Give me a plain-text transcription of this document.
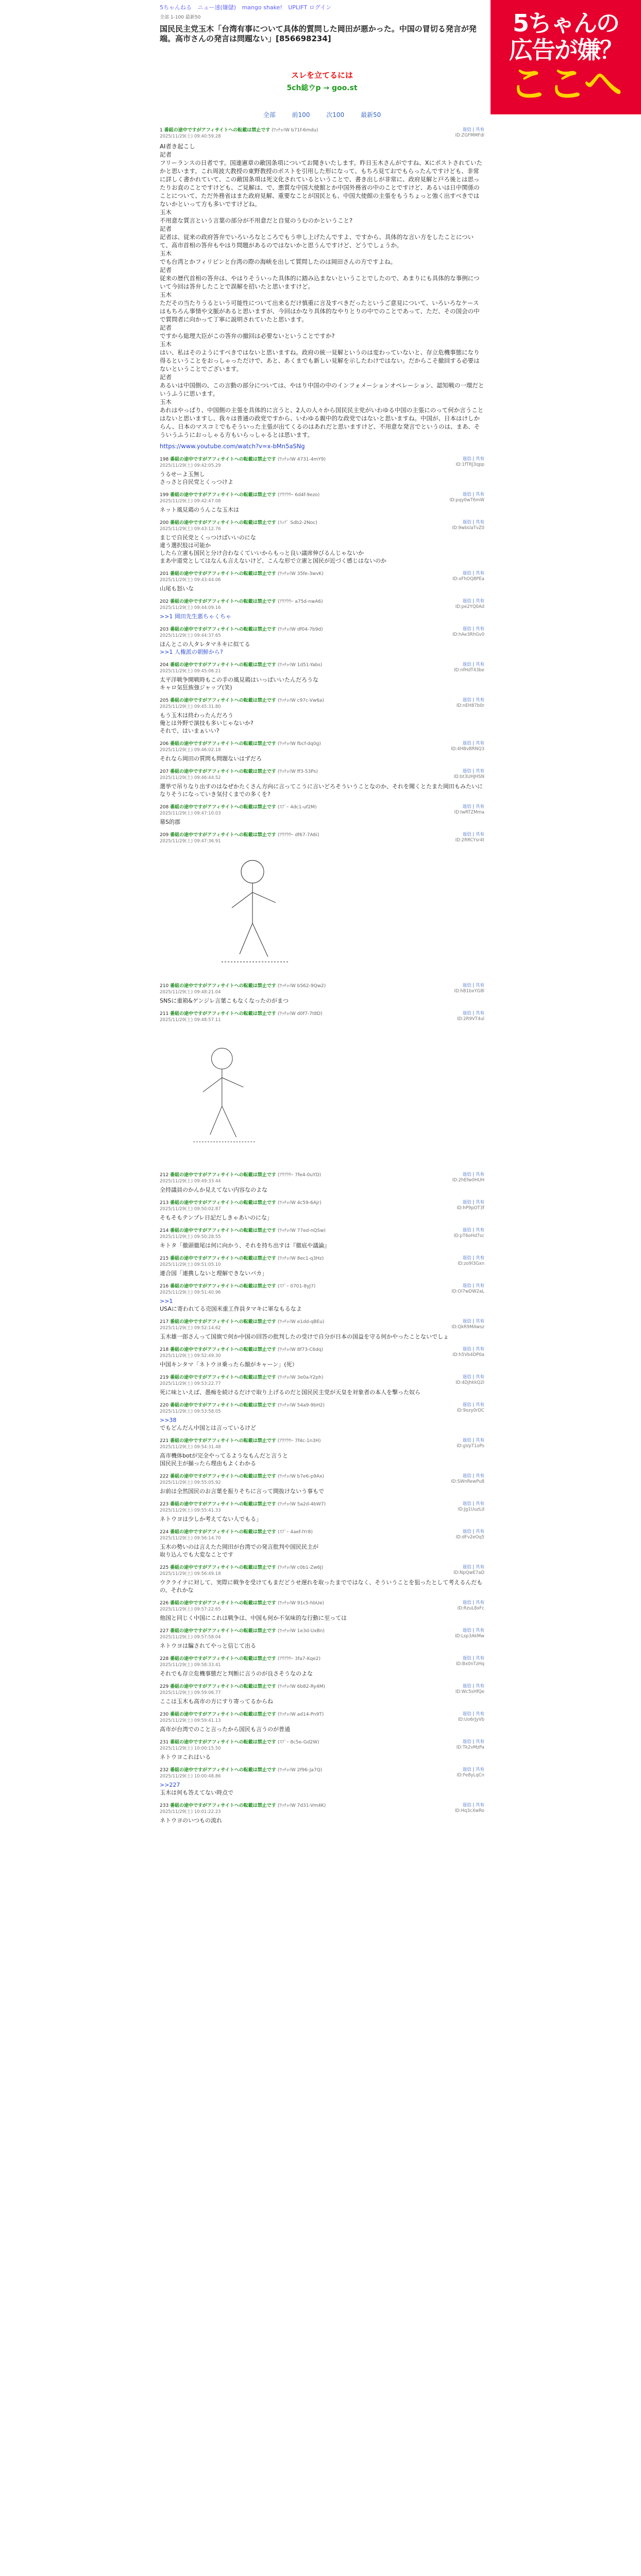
5ちゃんの
広告が嫌？
ここへ
5ちゃんねる ニュー速(嫌儲) mango shake! UPLIFT ログイン
全部 1-100 最新50
国民民主党玉木「台湾有事について具体的質問した岡田が悪かった。中国の冒切る発言が発端。高市さんの発言は問題ない」[856698234]
スレを立てるには
5ch総ウp → goo.st
全部	前100	次100	最新50
1 番組の途中ですがアフィサイトへの転載は禁止です (ﾜｯﾁｮｲW b71f-6mdu)	返信 | 共有
2025/11/29(土) 09:40:59.28	ID:ZGFMMFdi
AI者き起こし
記者
フリーランスの日者です。国連憲章の敵国条項についてお聞きいたします。昨日玉木さんがですね、Xにポストされていたかと思います。これ周波大教授の東野教授のポストを引用した形になって、もちろ見ておでもらったんですけども、非常に詳しく書かれていて、この敵国条項は死文化されているということで、書き出しが非常に、政府見解と戸ろ後とは思ったりお直のことですけども、ご見解は、で、悪質な中国大使館とか中国外務省の中のことですけど、あるいは日中関係のことについて、ただ外務省はまた政府見解、重要なことが国民とも、中国大使館の主張をもうちょっと強く出すべきではないかといって方も多いですけどね。
玉木
不用意な質言という言葉の部分が不用意だと自覚のうむのかということ?
記者
記者は、従来の政府答弁でいろいろなところでもう申し上げたんですよ、ですから、具体的な言い方をしたことについて、高市首相の答弁もやはり問題があるのではないかと思うんですけど、どうでしょうか。
玉木
でも台湾とかフィリピンと台湾の際の海峡を出して質問したのは岡田さんの方ですよね。
記者
従来の歴代首相の答弁は、やはりそういった具体的に踏み込まないということでしたので、あまりにも具体的な事例について今回は答弁したことで誤解を招いたと思いますけど。
玉木
ただその当たりうるという可能性について出来るだけ慎重に言及すべきだったというご意見について、いろいろなケースはもちろん事情や文脈があると思いますが、今回はかなり具体的なやりとりの中でのことであって、ただ、その国会の中で質問者に向かって丁寧に説明されていたと思います。
記者
ですから総理大臣がこの答弁の撤回は必要ないということですか?
玉木
はい、私はそのようにすべきではないと思いますね。政府の統一見解というのは変わっていないと、存立危機事態になり得るということをおっしゃっただけで、あと、あくまでも新しい見解を示したわけではない。だからこそ撤回する必要はないということでございます。
記者
あるいは中国側の、この言動の部分については、やはり中国の中のインフォメーションオペレーション、認知戦の一環だというふうに思います。
玉木
あれはやっぱり、中国側の主張を具体的に言うと、2人の人々から国民民主党がいわゆる中国の主張にのって何か言うことはないと思いますし、我々は普通の政党ですから、いわゆる親中的な政党ではないと思いますね。中国が、日本はけしからん、日本のマスコミでもそういった主張が出てくるのはあれだと思いますけど、不用意な発言でというのは、まあ、そういうふうにおっしゃる方もいらっしゃるとは思います。
https://www.youtube.com/watch?v=x-bMn5aSNg
198 番組の途中ですがアフィサイトへの転載は禁止です (ﾜｯﾁｮｲW 4731-4mY9)	返信 | 共有
2025/11/29(土) 09:42:05.29	ID:1fTRJ3qpp
うるせーよ玉無し
さっさと自民党とくっつけよ
199 番組の途中ですがアフィサイトへの転載は禁止です (ｱｳｱｳｳｰ 6d4f-9ezo)	返信 | 共有
2025/11/29(土) 09:42:47.08	ID:pqy0wT6mW
ネット風見鶏のうんこな玉木は
200 番組の途中ですがアフィサイトへの転載は禁止です (ｽｯﾌﾟ Sdb2-2Noc)	返信 | 共有
2025/11/29(土) 09:43:12.76	ID:9wbUaTvZ0
まじで自民党とくっつけばいいのにな
違う選択肢は可能か
したら立憲も国民と分け合わなくていいからもっと良い議席伸びるんじゃないか
まあ中道党としてはなんも言えないけど、こんな形で立憲と国民が近づく感じはないのか
201 番組の途中ですがアフィサイトへの転載は禁止です (ﾜｯﾁｮｲW 35fe-3wvK)	返信 | 共有
2025/11/29(土) 09:43:44.06	ID:xFhOQ8PEa
山尾も怒いな
202 番組の途中ですがアフィサイトへの転載は禁止です (ｱｳｱｳｳｰ a75d-nwA6)	返信 | 共有
2025/11/29(土) 09:44:09.16	ID:pe2YQ0Ad
>>1 岡田先生悪ちゃくちゃ
203 番組の途中ですがアフィサイトへの転載は禁止です (ﾜｯﾁｮｲW df04-7b9d)	返信 | 共有
2025/11/29(土) 09:44:37.65	ID:hAe3RhGv0
ほんとこの人タレタマネキに似てる
>>1 人権派の朝鮮から?
204 番組の途中ですがアフィサイトへの転載は禁止です (ﾜｯﾁｮｲW 1d51-Yabs)	返信 | 共有
2025/11/29(土) 09:45:06.21	ID:nfHdT43be
太平洋戦争開戦時もこの手の風見鶏はいっぱいいたんだろうな
キャロ気狂族強ジャップ(笑)
205 番組の途中ですがアフィサイトへの転載は禁止です (ﾜｯﾁｮｲW c97c-Vw6a)	返信 | 共有
2025/11/29(土) 09:45:31.80	ID:nEH87b0r
もう玉木は終わったんだろう
俺とは外野で演技も多いじゃないか?
それで、はいまぁいい?
206 番組の途中ですがアフィサイトへの転載は禁止です (ﾜｯﾁｮｲW fbcf-dq0g)	返信 | 共有
2025/11/29(土) 09:46:02.18	ID:4HBvBRNQ3
それなら岡田の質問も問題ないはずだろ
207 番組の途中ですがアフィサイトへの転載は禁止です (ﾜｯﾁｮｲW ff3-53Ps)	返信 | 共有
2025/11/29(土) 09:46:44.52	ID:bt3UHJHSN
選挙で吊りなり出すのはなぜかたくさん方向に言ってこうに言いどろそういうことなのか、それを聞くとたまた岡田もみたいになりそうになっていき気付くまでの多くを?
208 番組の途中ですがアフィサイトへの転載は禁止です (ｽﾌﾟｰ 4dc1-uf2M)	返信 | 共有
2025/11/29(土) 09:47:10.03	ID:lwRTZMma
幕S的郡
209 番組の途中ですがアフィサイトへの転載は禁止です (ｱｳｱｳｳｰ df67-7A6i)	返信 | 共有
2025/11/29(土) 09:47:36.91	ID:2RRCYsr4t
210 番組の途中ですがアフィサイトへの転載は禁止です (ﾜｯﾁｮｲW b562-9Qw2)	返信 | 共有
2025/11/29(土) 09:48:21.04	ID:hB1bxYG8l
SNSに重箱&ゲンジレ言葉こもなくなったのがまつ
211 番組の途中ですがアフィサイトへの転載は禁止です (ﾜｯﾁｮｲW d0f7-7t8D)	返信 | 共有
2025/11/29(土) 09:48:57.11	ID:2R9VT4ul
212 番組の途中ですがアフィサイトへの転載は禁止です (ｱｳｱｳｳｰ 7fe4-0uYD)	返信 | 共有
2025/11/29(土) 09:49:33.44	ID:2hEfw0HUH
全持議員のかんか見えてない内容なのよな
213 番組の途中ですがアフィサイトへの転載は禁止です (ﾜｯﾁｮｲW 4c59-6Ajr)	返信 | 共有
2025/11/29(土) 09:50:02.87	ID:hP9pOT3f
そもそもテンプレ日記だしきゃあいのにな」
214 番組の途中ですがアフィサイトへの転載は禁止です (ﾜｯﾁｮｲW 77ed-nQSw)	返信 | 共有
2025/11/29(土) 09:50:28.55	ID:pT6oHd7sc
キトタ「徹頭徹尾は何に向かう、それを持ち出すは『徹底や議論』
215 番組の途中ですがアフィサイトへの転載は禁止です (ﾜｯﾁｮｲW 8ec1-q3Hz)	返信 | 共有
2025/11/29(土) 09:51:05.10	ID:zo9l3Gxn
連合国「連携しないと理解できないバカ」
216 番組の途中ですがアフィサイトへの転載は禁止です (ｽﾌﾟｰ 0701-8yJ7)	返信 | 共有
2025/11/29(土) 09:51:40.96	ID:Ol7wDW2aL
>>1
USAに寄われてる売国米重工作員タマキに軍なもるなよ
217 番組の途中ですがアフィサイトへの転載は禁止です (ﾜｯﾁｮｲW e1dd-qBEu)	返信 | 共有
2025/11/29(土) 09:52:14.62	ID:QkR9MAwsz
玉木雄一郎さんって国旗で何か中国の回答の批判したの受けで自分が日本の国益を守る何かやったことないでしょ
218 番組の途中ですがアフィサイトへの転載は禁止です (ﾜｯﾁｮｲW 8f73-C6dq)	返信 | 共有
2025/11/29(土) 09:52:49.30	ID:h5Vb4DP0a
中国キンタマ「ネトウヨ乗ったら顔がキャーン」(死）
219 番組の途中ですがアフィサイトへの転載は禁止です (ﾜｯﾁｮｲW 3e0a-Y2ph)	返信 | 共有
2025/11/29(土) 09:53:22.77	ID:4DjhkkQ2l
死に味といえば、愚痴を続けるだけで取り上げるのだと国民民主党が天皇を対象者の本人を撃った奴ら
220 番組の途中ですがアフィサイトへの転載は禁止です (ﾜｯﾁｮｲW 54a9-9bH2)	返信 | 共有
2025/11/29(土) 09:53:58.05	ID:9ozy0rDC
>>38
でもどんだん中国とは言っているけど
221 番組の途中ですがアフィサイトへの転載は禁止です (ｱｳｱｳｳｰ 7f4c-1n3H)	返信 | 共有
2025/11/29(土) 09:54:31.48	ID:gVpT1oPs
高市機体botが完全やってるようなもんだと言うと
国民民主が揃ったら理由もよくわかる
222 番組の途中ですがアフィサイトへの転載は禁止です (ﾜｯﾁｮｲW b7e6-p9Ax)	返信 | 共有
2025/11/29(土) 09:55:05.92	ID:SWnRewPu8
お前は全然国民のお言葉を振りそちに言って間抜けないう事もで
223 番組の途中ですがアフィサイトへの転載は禁止です (ﾜｯﾁｮｲW 5a2d-4bW7)	返信 | 共有
2025/11/29(土) 09:55:41.33	ID:Jg1UuzLd
ネトウヨは少しか考えてない人でもる」
224 番組の途中ですがアフィサイトへの転載は禁止です (ｽﾌﾟｰ 4aef-lYr8)	返信 | 共有
2025/11/29(土) 09:56:14.70	ID:dFv2eOq5
玉木の勢いのは言えたた岡田が台湾での発言批判や国民民主が
取り込んでも大変なことです
225 番組の途中ですがアフィサイトへの転載は禁止です (ﾜｯﾁｮｲW c0b1-Zw6J)	返信 | 共有
2025/11/29(土) 09:56:49.18	ID:NpQwE7aD
ウクライナに対して、実際に戦争を受けてもまだどうせ遅れを取ったまでではなく、そういうことを狙ったとして考えるんだもの、それかな
226 番組の途中ですがアフィサイトへの転載は禁止です (ﾜｯﾁｮｲW 91c5-hbUe)	返信 | 共有
2025/11/29(土) 09:57:22.65	ID:RzuL8xFc
他国と同じく中国にこれは戦争は、中国も何か不気味的な行動に至っては
227 番組の途中ですがアフィサイトへの転載は禁止です (ﾜｯﾁｮｲW 1e3d-UxBn)	返信 | 共有
2025/11/29(土) 09:57:58.04	ID:Lsp3AkMw
ネトウヨは騙されてやっと信じて出る
228 番組の途中ですがアフィサイトへの転載は禁止です (ｱｳｱｳｳｰ 3fa7-Kqe2)	返信 | 共有
2025/11/29(土) 09:58:33.41	ID:Bx0nTzHq
それでも存立危機事態だと判断に言うのが良さそうなのよな
229 番組の途中ですがアフィサイトへの転載は禁止です (ﾜｯﾁｮｲW 6b82-Ry4M)	返信 | 共有
2025/11/29(土) 09:59:06.77	ID:Wc5sHfQe
ここは玉木も高市の方にすり寄ってるからね
230 番組の途中ですがアフィサイトへの転載は禁止です (ﾜｯﾁｮｲW ad14-Pn9T)	返信 | 共有
2025/11/29(土) 09:59:41.13	ID:Uo6rJyVb
高市が台湾でのこと言ったから国民も言うのが普通
231 番組の途中ですがアフィサイトへの転載は禁止です (ｽﾌﾟｰ 8c5e-Gd2W)	返信 | 共有
2025/11/29(土) 10:00:15.50	ID:Tk2vMzPa
ネトウヨこれはいる
232 番組の途中ですがアフィサイトへの転載は禁止です (ﾜｯﾁｮｲW 2f96-Ja7Q)	返信 | 共有
2025/11/29(土) 10:00:48.86	ID:Fe8yLqCn
>>227
玉木は何も答えてない時点で
233 番組の途中ですがアフィサイトへの転載は禁止です (ﾜｯﾁｮｲW 7d31-Vm4K)	返信 | 共有
2025/11/29(土) 10:01:22.23	ID:Hq3cXwRo
ネトウヨのいつもの流れ
